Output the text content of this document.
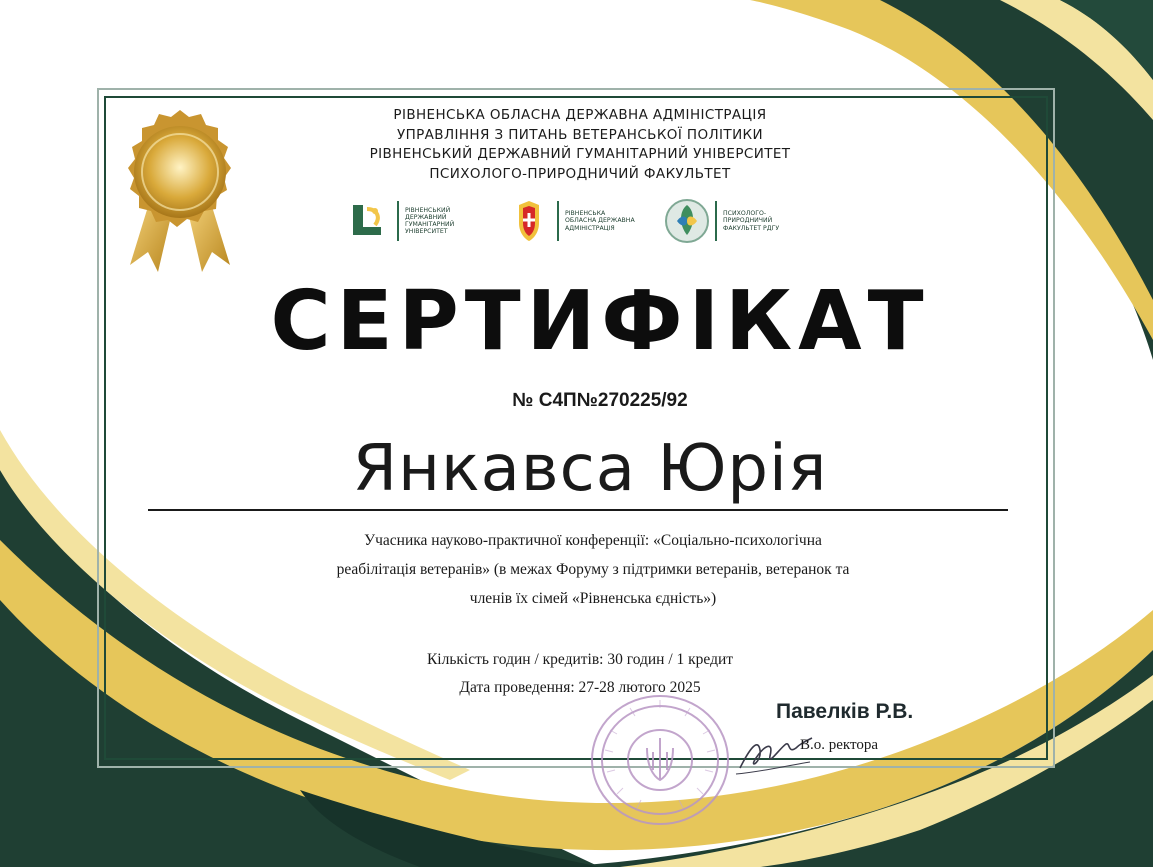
РІВНЕНСЬКА ОБЛАСНА ДЕРЖАВНА АДМІНІСТРАЦІЯ
УПРАВЛІННЯ З ПИТАНЬ ВЕТЕРАНСЬКОЇ ПОЛІТИКИ
РІВНЕНСЬКИЙ ДЕРЖАВНИЙ ГУМАНІТАРНИЙ УНІВЕРСИТЕТ
ПСИХОЛОГО-ПРИРОДНИЧИЙ ФАКУЛЬТЕТ
РІВНЕНСЬКИЙ ДЕРЖАВНИЙ ГУМАНІТАРНИЙ УНІВЕРСИТЕТ
РІВНЕНСЬКА ОБЛАСНА ДЕРЖАВНА АДМІНІСТРАЦІЯ
ПСИХОЛОГО-ПРИРОДНИЧИЙ ФАКУЛЬТЕТ РДГУ
СЕРТИФІКАТ
№ С4П№270225/92
Янкавса Юрія
Учасника науково-практичної конференції: «Соціально-психологічна
реабілітація ветеранів» (в межах Форуму з підтримки ветеранів, ветеранок та
членів їх сімей «Рівненська єдність»)
Кількість годин / кредитів: 30 годин / 1 кредит
Дата проведення: 27-28 лютого 2025
Павелків Р.В.
В.о. ректора
